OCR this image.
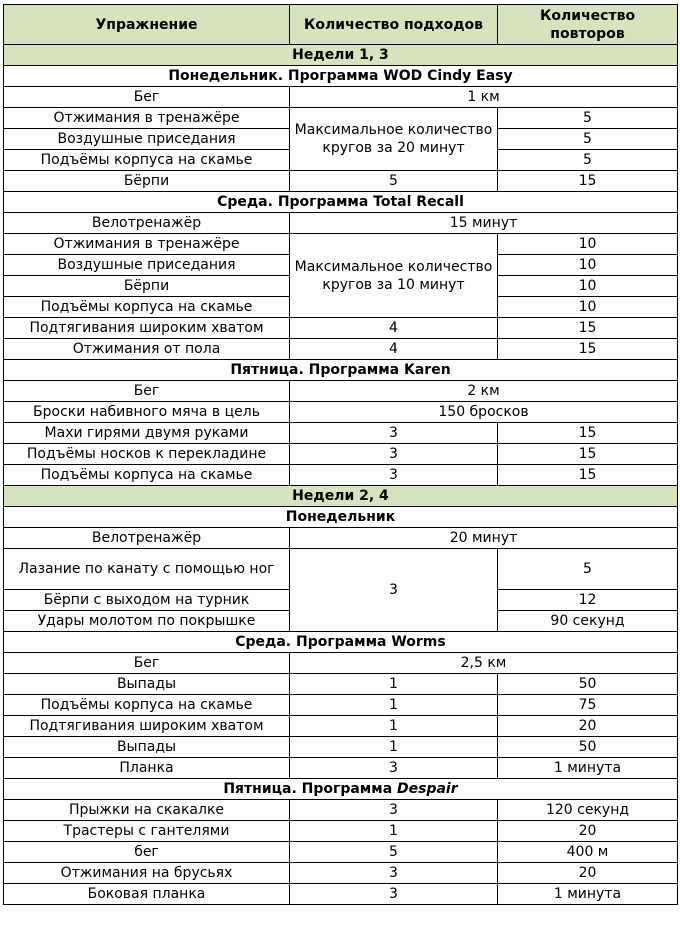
Упражнение	Количество подходов	Количество повторов
Недели 1, 3		
Понедельник. Программа WOD Cindy Easy		
Бег	1 км	
Отжимания в тренажёре	Максимальное количество кругов за 20 минут	5
Воздушные приседания		5
Подъёмы корпуса на скамье		5
Бёрпи	5	15
Среда. Программа Total Recall		
Велотренажёр	15 минут	
Отжимания в тренажёре	Максимальное количество кругов за 10 минут	10
Воздушные приседания		10
Бёрпи		10
Подъёмы корпуса на скамье		10
Подтягивания широким хватом	4	15
Отжимания от пола	4	15
Пятница. Программа Karen		
Бег	2 км	
Броски набивного мяча в цель	150 бросков	
Махи гирями двумя руками	3	15
Подъёмы носков к перекладине	3	15
Подъёмы корпуса на скамье	3	15
Недели 2, 4		
Понедельник		
Велотренажёр	20 минут	
Лазание по канату с помощью ног	3	5
Бёрпи с выходом на турник		12
Удары молотом по покрышке		90 секунд
Среда. Программа Worms		
Бег	2,5 км	
Выпады	1	50
Подъёмы корпуса на скамье	1	75
Подтягивания широким хватом	1	20
Выпады	1	50
Планка	3	1 минута
Пятница. Программа Despair		
Прыжки на скакалке	3	120 секунд
Трастеры с гантелями	1	20
бег	5	400 м
Отжимания на брусьях	3	20
Боковая планка	3	1 минута
